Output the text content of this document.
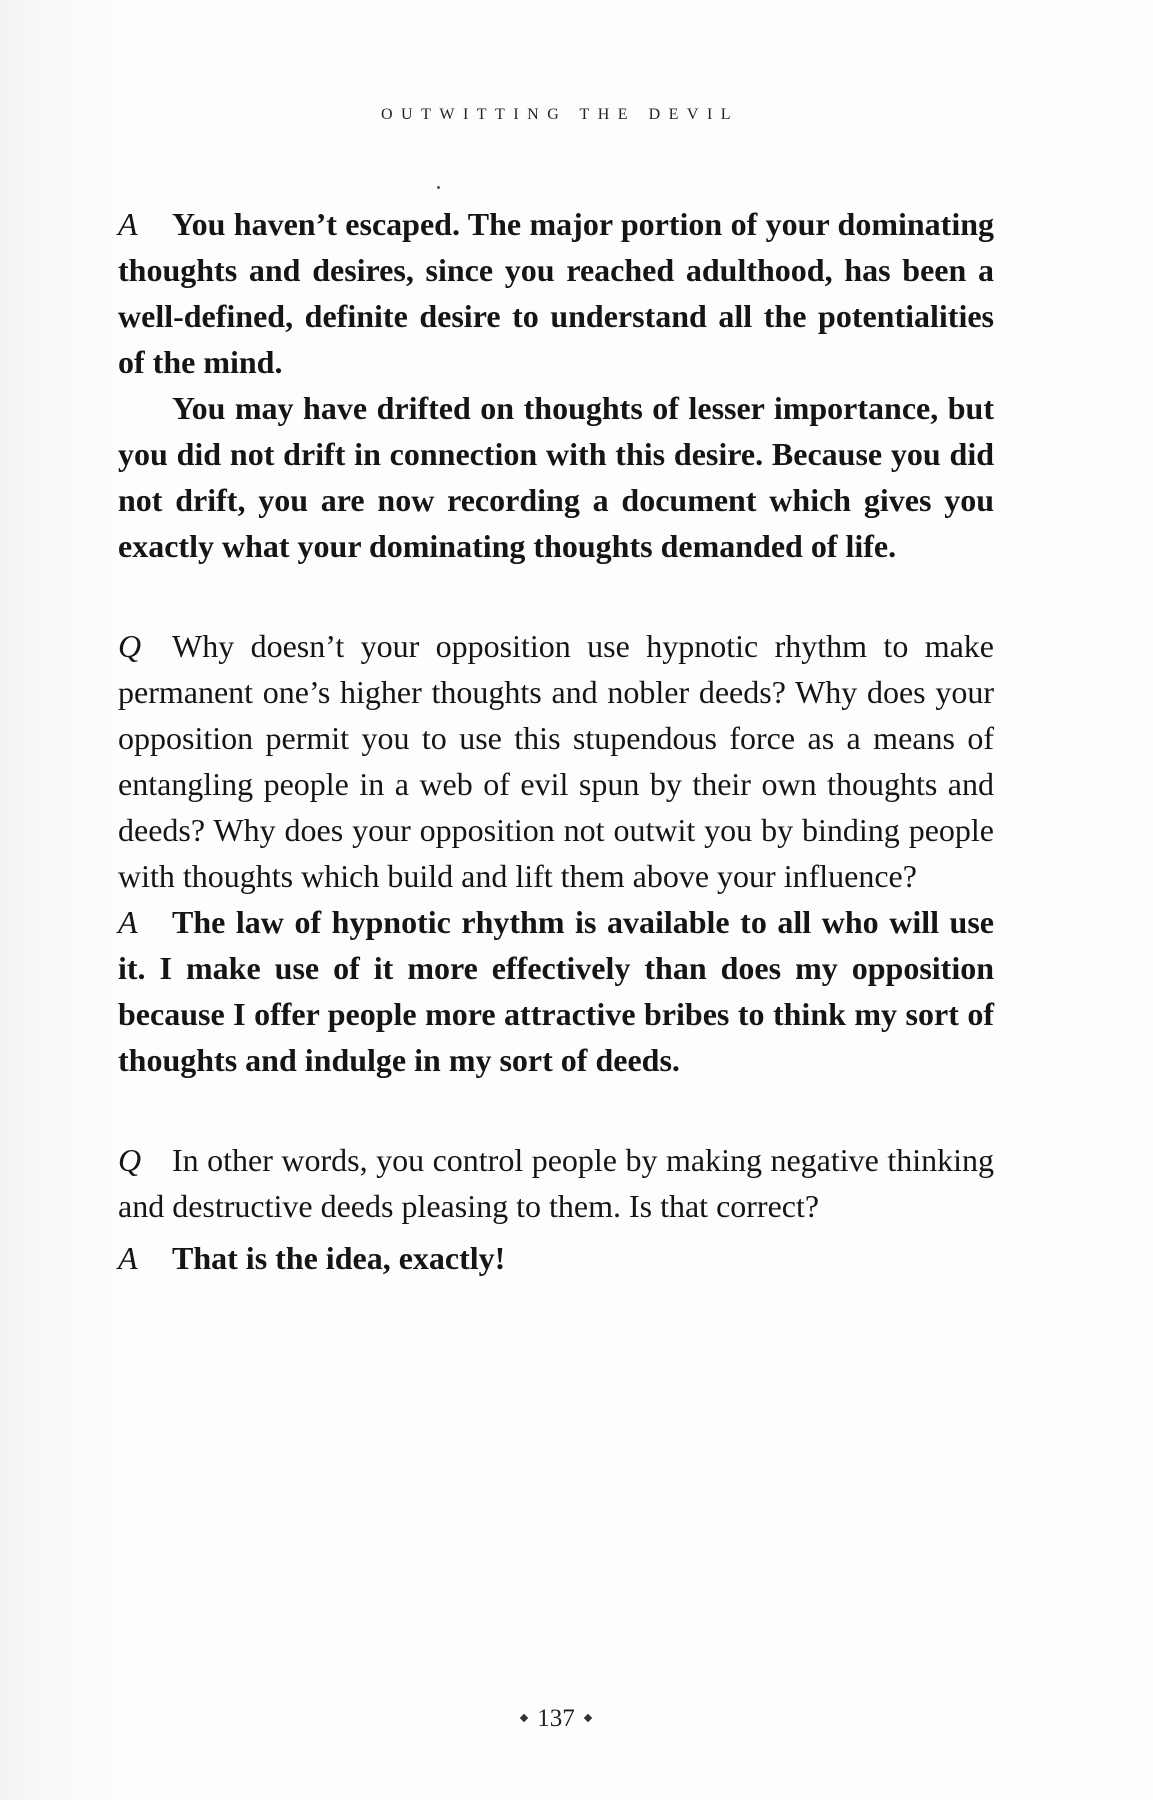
OUTWITTING THE DEVIL

A You haven’t escaped. The major portion of your dominating thoughts and desires, since you reached adulthood, has been a well-defined, definite desire to understand all the potentialities of the mind.

You may have drifted on thoughts of lesser importance, but you did not drift in connection with this desire. Because you did not drift, you are now recording a document which gives you exactly what your dominating thoughts demanded of life.

Q Why doesn’t your opposition use hypnotic rhythm to make permanent one’s higher thoughts and nobler deeds? Why does your opposition permit you to use this stupendous force as a means of entangling people in a web of evil spun by their own thoughts and deeds? Why does your opposition not outwit you by binding people with thoughts which build and lift them above your influence?

A The law of hypnotic rhythm is available to all who will use it. I make use of it more effectively than does my opposition because I offer people more attractive bribes to think my sort of thoughts and indulge in my sort of deeds.

Q In other words, you control people by making negative thinking and destructive deeds pleasing to them. Is that correct?

A That is the idea, exactly!

137
